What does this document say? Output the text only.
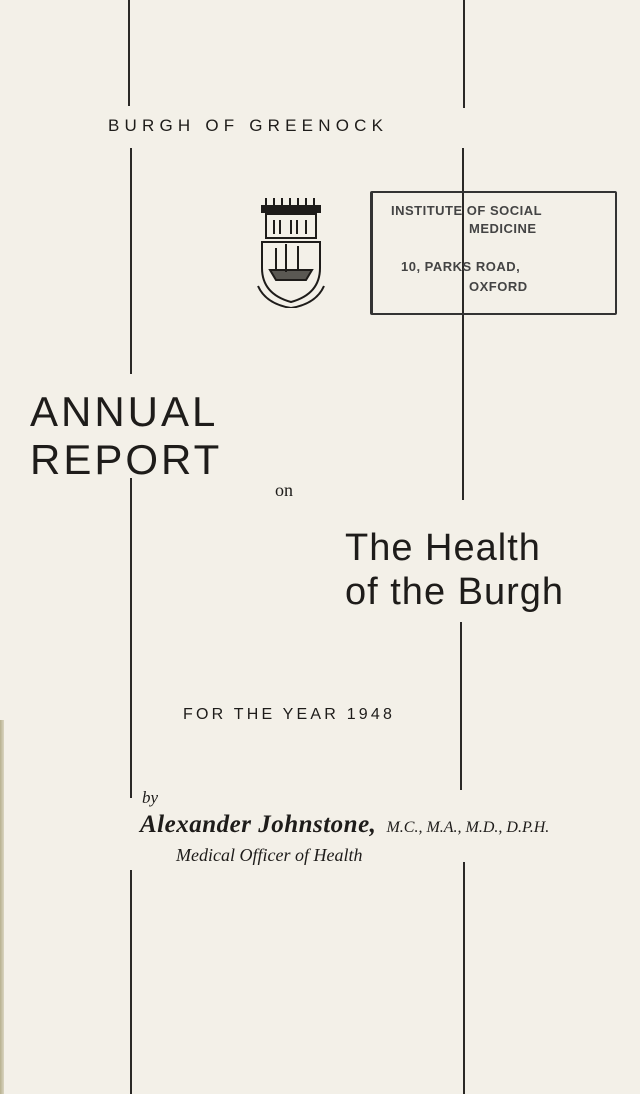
BURGH OF GREENOCK
INSTITUTE OF SOCIAL
MEDICINE
10, PARKS ROAD,
OXFORD
ANNUAL
REPORT
on
The Health
of the Burgh
FOR THE YEAR 1948
by
Alexander Johnstone, M.C., M.A., M.D., D.P.H.
Medical Officer of Health
